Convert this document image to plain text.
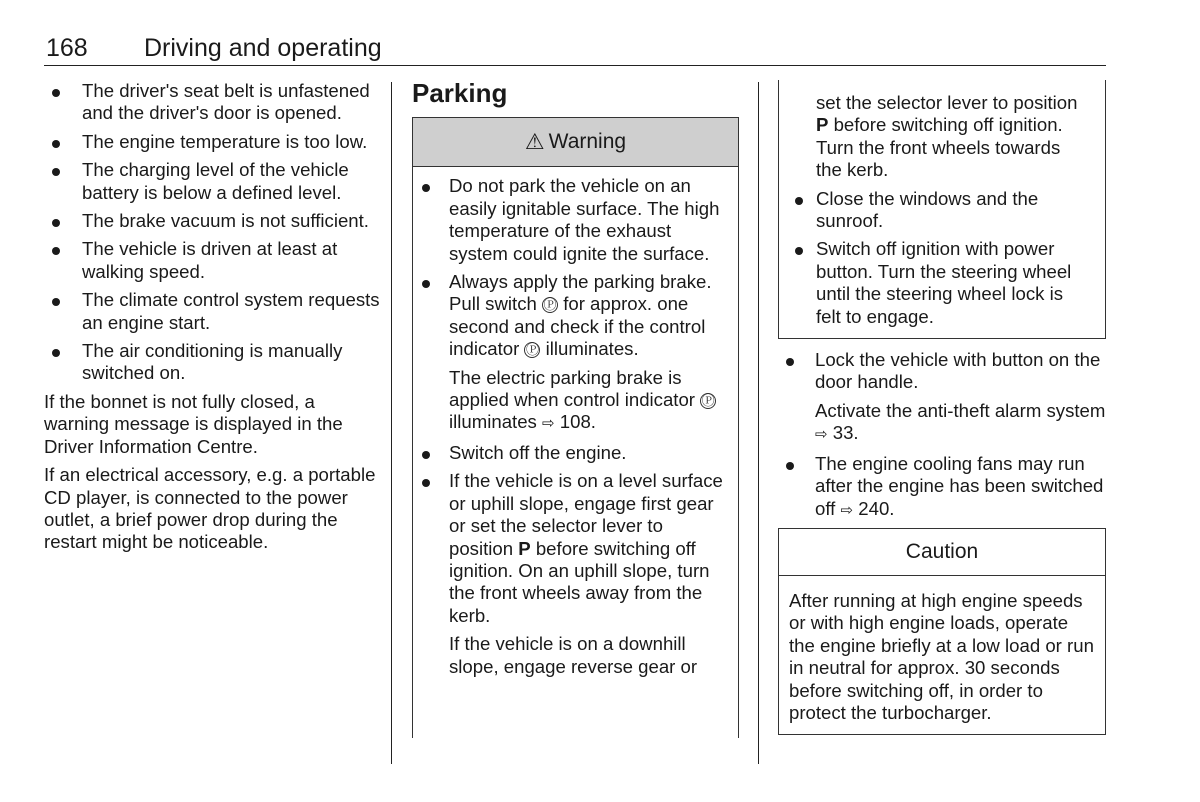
168 Driving and operating
The driver's seat belt is unfastened and the driver's door is opened.
The engine temperature is too low.
The charging level of the vehicle battery is below a defined level.
The brake vacuum is not sufficient.
The vehicle is driven at least at walking speed.
The climate control system requests an engine start.
The air conditioning is manually switched on.

If the bonnet is not fully closed, a warning message is displayed in the Driver Information Centre.

If an electrical accessory, e.g. a portable CD player, is connected to the power outlet, a brief power drop during the restart might be noticeable.

Parking
⚠ Warning
Do not park the vehicle on an easily ignitable surface. The high temperature of the exhaust system could ignite the surface.
Always apply the parking brake. Pull switch Ⓟ for approx. one second and check if the control indicator Ⓟ illuminates.
The electric parking brake is applied when control indicator Ⓟ illuminates ⇨ 108.
Switch off the engine.
If the vehicle is on a level surface or uphill slope, engage first gear or set the selector lever to position P before switching off ignition. On an uphill slope, turn the front wheels away from the kerb.
If the vehicle is on a downhill slope, engage reverse gear or
set the selector lever to position P before switching off ignition. Turn the front wheels towards the kerb.
Close the windows and the sunroof.
Switch off ignition with power button. Turn the steering wheel until the steering wheel lock is felt to engage.
Lock the vehicle with button on the door handle.
Activate the anti-theft alarm system ⇨ 33.
The engine cooling fans may run after the engine has been switched off ⇨ 240.
Caution
After running at high engine speeds or with high engine loads, operate the engine briefly at a low load or run in neutral for approx. 30 seconds before switching off, in order to protect the turbocharger.
